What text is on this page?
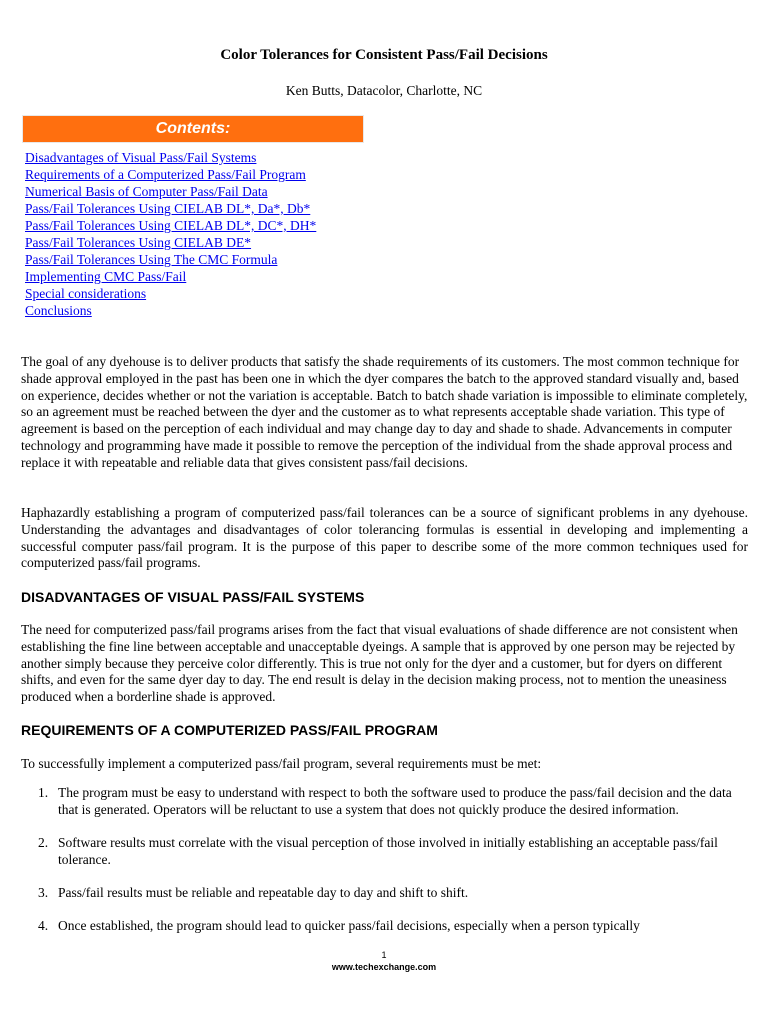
Color Tolerances for Consistent Pass/Fail Decisions

Ken Butts, Datacolor, Charlotte, NC

Contents:
Disadvantages of Visual Pass/Fail Systems
Requirements of a Computerized Pass/Fail Program
Numerical Basis of Computer Pass/Fail Data
Pass/Fail Tolerances Using CIELAB DL*, Da*, Db*
Pass/Fail Tolerances Using CIELAB DL*, DC*, DH*
Pass/Fail Tolerances Using CIELAB DE*
Pass/Fail Tolerances Using The CMC Formula
Implementing CMC Pass/Fail
Special considerations
Conclusions

The goal of any dyehouse is to deliver products that satisfy the shade requirements of its customers. The most common technique for shade approval employed in the past has been one in which the dyer compares the batch to the approved standard visually and, based on experience, decides whether or not the variation is acceptable. Batch to batch shade variation is impossible to eliminate completely, so an agreement must be reached between the dyer and the customer as to what represents acceptable shade variation. This type of agreement is based on the perception of each individual and may change day to day and shade to shade. Advancements in computer technology and programming have made it possible to remove the perception of the individual from the shade approval process and replace it with repeatable and reliable data that gives consistent pass/fail decisions.

Haphazardly establishing a program of computerized pass/fail tolerances can be a source of significant problems in any dyehouse. Understanding the advantages and disadvantages of color tolerancing formulas is essential in developing and implementing a successful computer pass/fail program. It is the purpose of this paper to describe some of the more common techniques used for computerized pass/fail programs.

DISADVANTAGES OF VISUAL PASS/FAIL SYSTEMS

The need for computerized pass/fail programs arises from the fact that visual evaluations of shade difference are not consistent when establishing the fine line between acceptable and unacceptable dyeings. A sample that is approved by one person may be rejected by another simply because they perceive color differently. This is true not only for the dyer and a customer, but for dyers on different shifts, and even for the same dyer day to day. The end result is delay in the decision making process, not to mention the uneasiness produced when a borderline shade is approved.

REQUIREMENTS OF A COMPUTERIZED PASS/FAIL PROGRAM

To successfully implement a computerized pass/fail program, several requirements must be met:

1. The program must be easy to understand with respect to both the software used to produce the pass/fail decision and the data that is generated. Operators will be reluctant to use a system that does not quickly produce the desired information.
2. Software results must correlate with the visual perception of those involved in initially establishing an acceptable pass/fail tolerance.
3. Pass/fail results must be reliable and repeatable day to day and shift to shift.
4. Once established, the program should lead to quicker pass/fail decisions, especially when a person typically

1

www.techexchange.com
